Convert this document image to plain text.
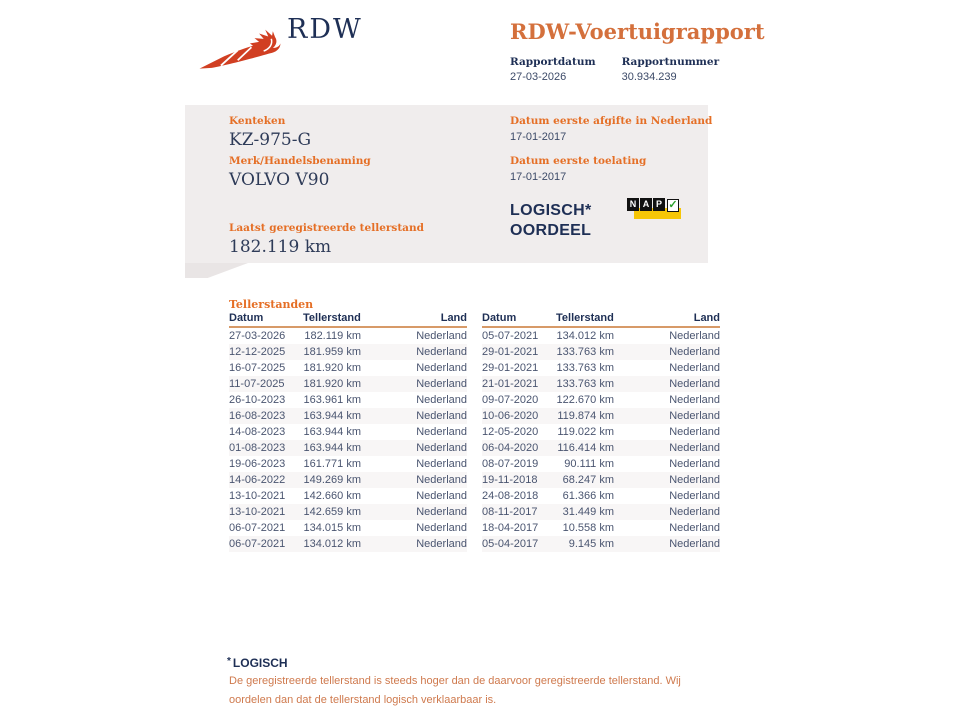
RDW	RDW-Voertuigrapport
Rapportdatum
27-03-2026
Rapportnummer
30.934.239
Kenteken
KZ-975-G
Merk/Handelsbenaming
VOLVO V90
Laatst geregistreerde tellerstand
182.119 km
Datum eerste afgifte in Nederland
17-01-2017
Datum eerste toelating
17-01-2017
LOGISCH*
OORDEEL
N A P ✓
Tellerstanden
Datum	Tellerstand	Land
27-03-2026	182.119 km	Nederland
12-12-2025	181.959 km	Nederland
16-07-2025	181.920 km	Nederland
11-07-2025	181.920 km	Nederland
26-10-2023	163.961 km	Nederland
16-08-2023	163.944 km	Nederland
14-08-2023	163.944 km	Nederland
01-08-2023	163.944 km	Nederland
19-06-2023	161.771 km	Nederland
14-06-2022	149.269 km	Nederland
13-10-2021	142.660 km	Nederland
13-10-2021	142.659 km	Nederland
06-07-2021	134.015 km	Nederland
06-07-2021	134.012 km	Nederland
Datum	Tellerstand	Land
05-07-2021	134.012 km	Nederland
29-01-2021	133.763 km	Nederland
29-01-2021	133.763 km	Nederland
21-01-2021	133.763 km	Nederland
09-07-2020	122.670 km	Nederland
10-06-2020	119.874 km	Nederland
12-05-2020	119.022 km	Nederland
06-04-2020	116.414 km	Nederland
08-07-2019	90.111 km	Nederland
19-11-2018	68.247 km	Nederland
24-08-2018	61.366 km	Nederland
08-11-2017	31.449 km	Nederland
18-04-2017	10.558 km	Nederland
05-04-2017	9.145 km	Nederland
* LOGISCH
De geregistreerde tellerstand is steeds hoger dan de daarvoor geregistreerde tellerstand. Wij oordelen dan dat de tellerstand logisch verklaarbaar is.
